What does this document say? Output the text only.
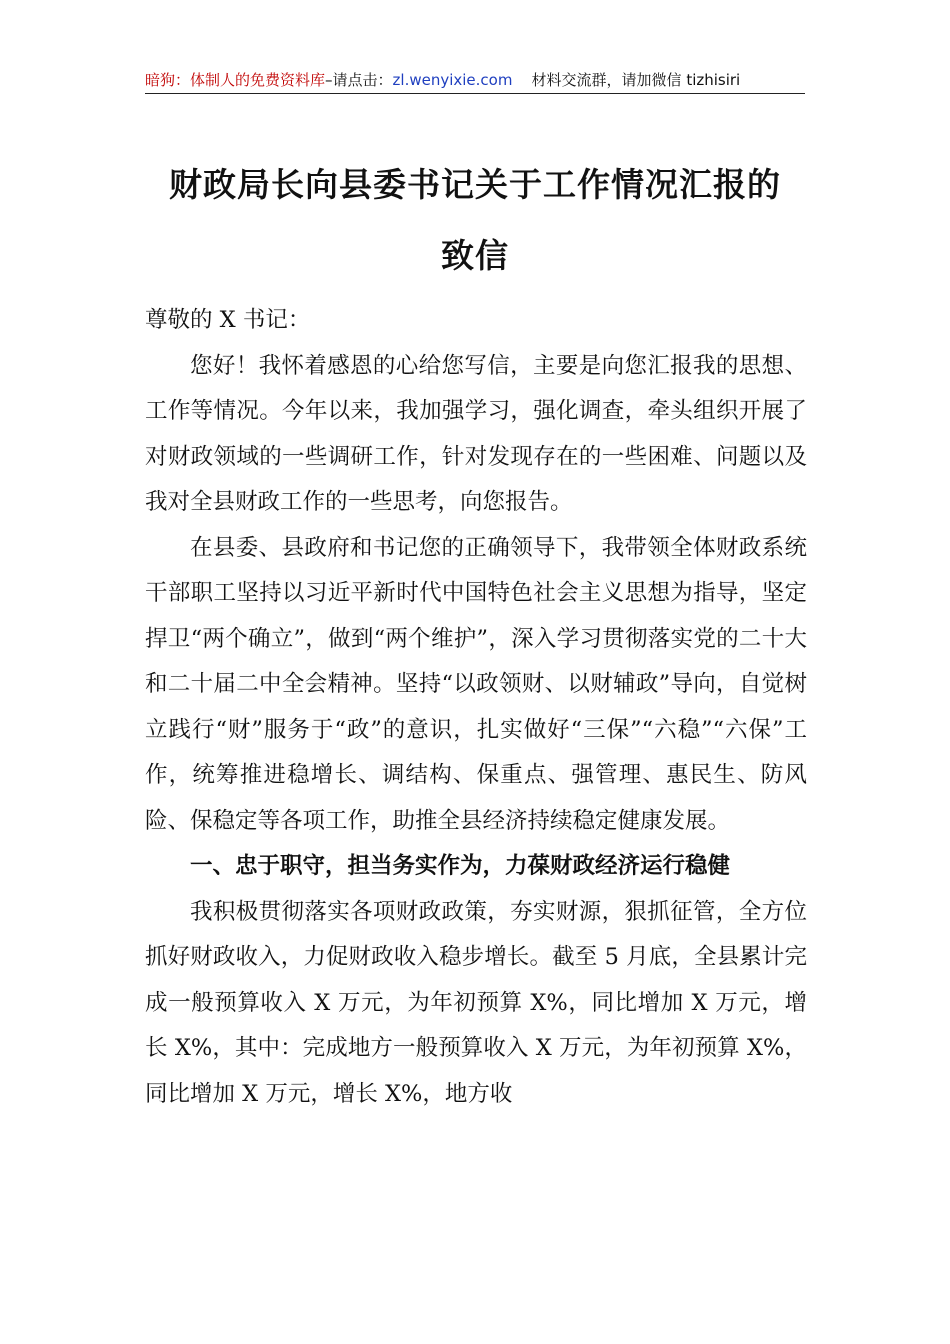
暗狗：体制人的免费资料库–请点击：zl.wenyixie.com 材料交流群，请加微信 tizhisiri
财政局长向县委书记关于工作情况汇报的
致信

尊敬的 X 书记：

您好！我怀着感恩的心给您写信，主要是向您汇报我的思想、工作等情况。今年以来，我加强学习，强化调查，牵头组织开展了对财政领域的一些调研工作，针对发现存在的一些困难、问题以及我对全县财政工作的一些思考，向您报告。

在县委、县政府和书记您的正确领导下，我带领全体财政系统干部职工坚持以习近平新时代中国特色社会主义思想为指导，坚定捍卫“两个确立”，做到“两个维护”，深入学习贯彻落实党的二十大和二十届二中全会精神。坚持“以政领财、以财辅政”导向，自觉树立践行“财”服务于“政”的意识，扎实做好“三保”“六稳”“六保”工作，统筹推进稳增长、调结构、保重点、强管理、惠民生、防风险、保稳定等各项工作，助推全县经济持续稳定健康发展。

一、忠于职守，担当务实作为，力葆财政经济运行稳健

我积极贯彻落实各项财政政策，夯实财源，狠抓征管，全方位抓好财政收入，力促财政收入稳步增长。截至 5 月底，全县累计完成一般预算收入 X 万元，为年初预算 X%，同比增加 X 万元，增长 X%，其中：完成地方一般预算收入 X 万元，为年初预算 X%，同比增加 X 万元，增长 X%，地方收
